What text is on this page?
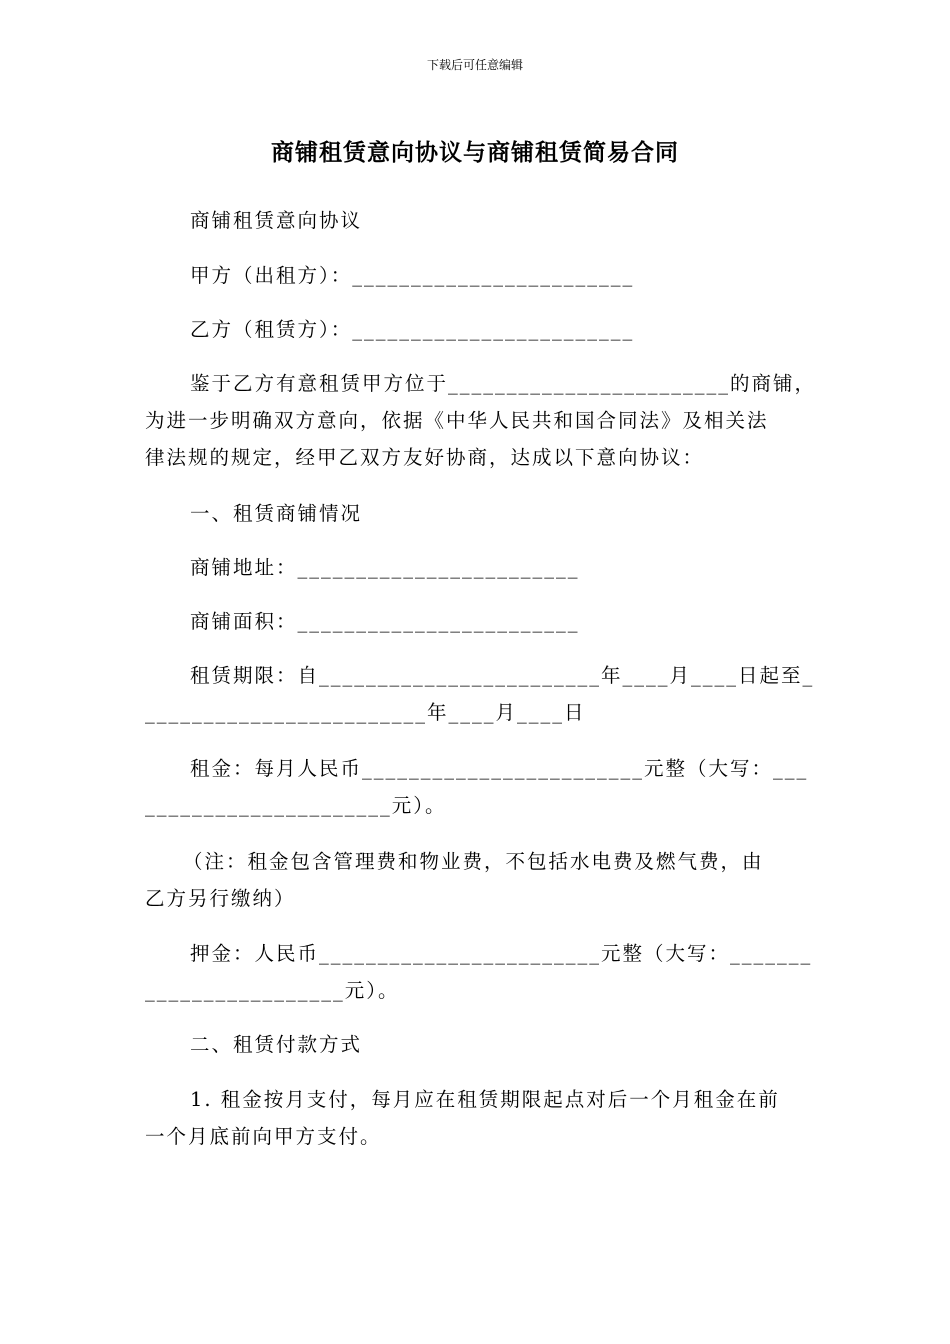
下载后可任意编辑
商铺租赁意向协议与商铺租赁简易合同
商铺租赁意向协议
甲方（出租方）：________________________
乙方（租赁方）：________________________
鉴于乙方有意租赁甲方位于________________________的商铺，
为进一步明确双方意向，依据《中华人民共和国合同法》及相关法
律法规的规定，经甲乙双方友好协商，达成以下意向协议：
一、租赁商铺情况
商铺地址：________________________
商铺面积：________________________
租赁期限：自________________________年____月____日起至_
________________________年____月____日
租金：每月人民币________________________元整（大写：___
_____________________元）。
（注：租金包含管理费和物业费，不包括水电费及燃气费，由
乙方另行缴纳）
押金：人民币________________________元整（大写：_______
_________________元）。
二、租赁付款方式
1. 租金按月支付，每月应在租赁期限起点对后一个月租金在前
一个月底前向甲方支付。
